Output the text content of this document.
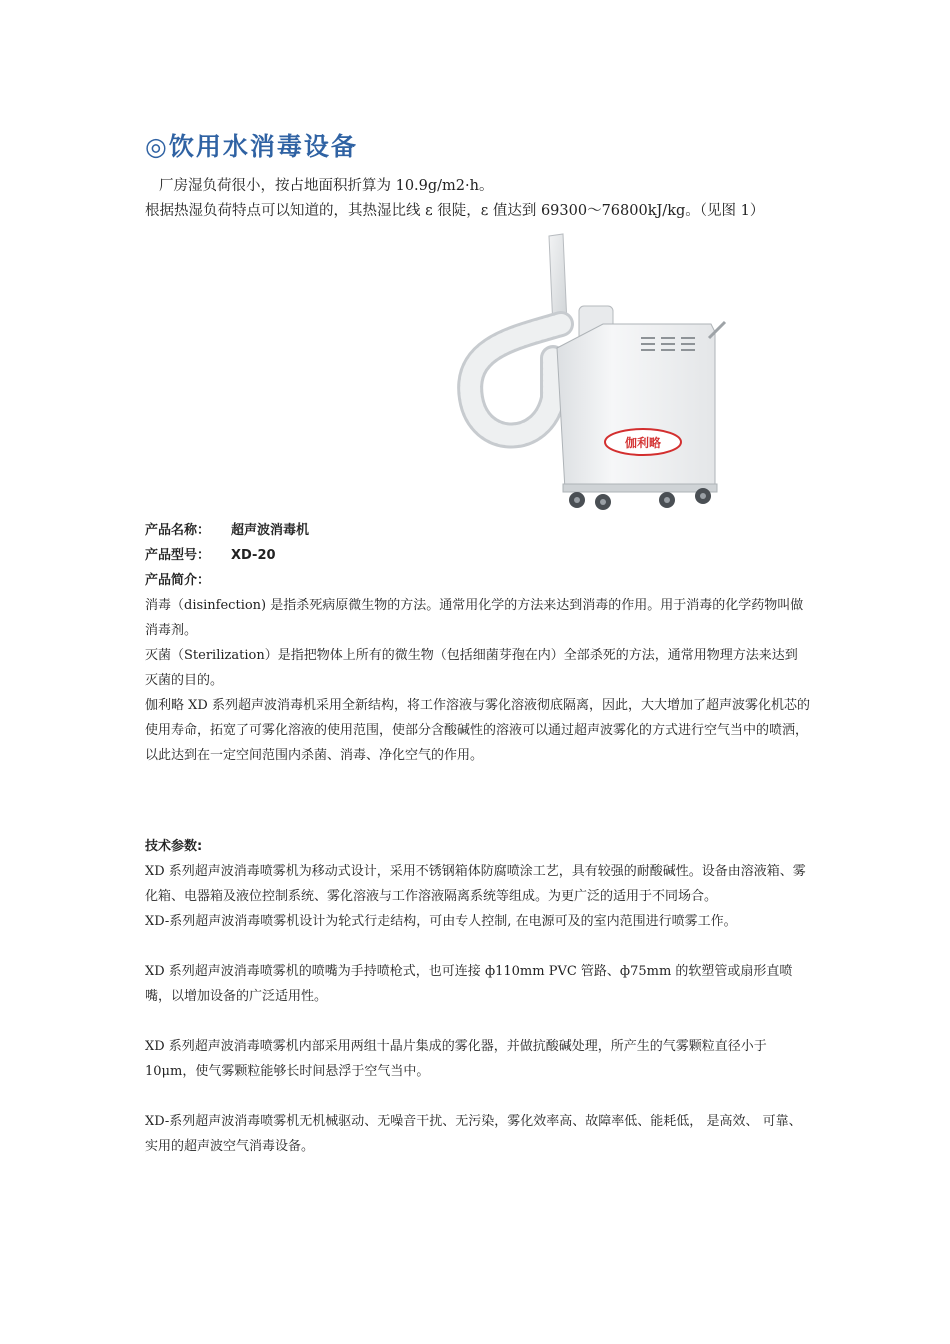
◎饮用水消毒设备

厂房湿负荷很小，按占地面积折算为 10.9g/m2·h。

根据热湿负荷特点可以知道的，其热湿比线 ε 很陡，ε 值达到 69300～76800kJ/kg。（见图 1）

伽利略

产品名称： 超声波消毒机

产品型号： XD-20

产品简介：

消毒（disinfection) 是指杀死病原微生物的方法。通常用化学的方法来达到消毒的作用。用于消毒的化学药物叫做消毒剂。

灭菌（Sterilization）是指把物体上所有的微生物（包括细菌芽孢在内）全部杀死的方法，通常用物理方法来达到灭菌的目的。

伽利略 XD 系列超声波消毒机采用全新结构，将工作溶液与雾化溶液彻底隔离，因此，大大增加了超声波雾化机芯的使用寿命，拓宽了可雾化溶液的使用范围，使部分含酸碱性的溶液可以通过超声波雾化的方式进行空气当中的喷洒，以此达到在一定空间范围内杀菌、消毒、净化空气的作用。

技术参数:

XD 系列超声波消毒喷雾机为移动式设计，采用不锈钢箱体防腐喷涂工艺，具有较强的耐酸碱性。设备由溶液箱、雾化箱、电器箱及液位控制系统、雾化溶液与工作溶液隔离系统等组成。为更广泛的适用于不同场合。

XD-系列超声波消毒喷雾机设计为轮式行走结构，可由专人控制, 在电源可及的室内范围进行喷雾工作。

XD 系列超声波消毒喷雾机的喷嘴为手持喷枪式，也可连接 ф110mm PVC 管路、ф75mm 的软塑管或扇形直喷嘴，以增加设备的广泛适用性。

XD 系列超声波消毒喷雾机内部采用两组十晶片集成的雾化器，并做抗酸碱处理，所产生的气雾颗粒直径小于 10μm，使气雾颗粒能够长时间悬浮于空气当中。

XD-系列超声波消毒喷雾机无机械驱动、无噪音干扰、无污染，雾化效率高、故障率低、能耗低， 是高效、 可靠、 实用的超声波空气消毒设备。
